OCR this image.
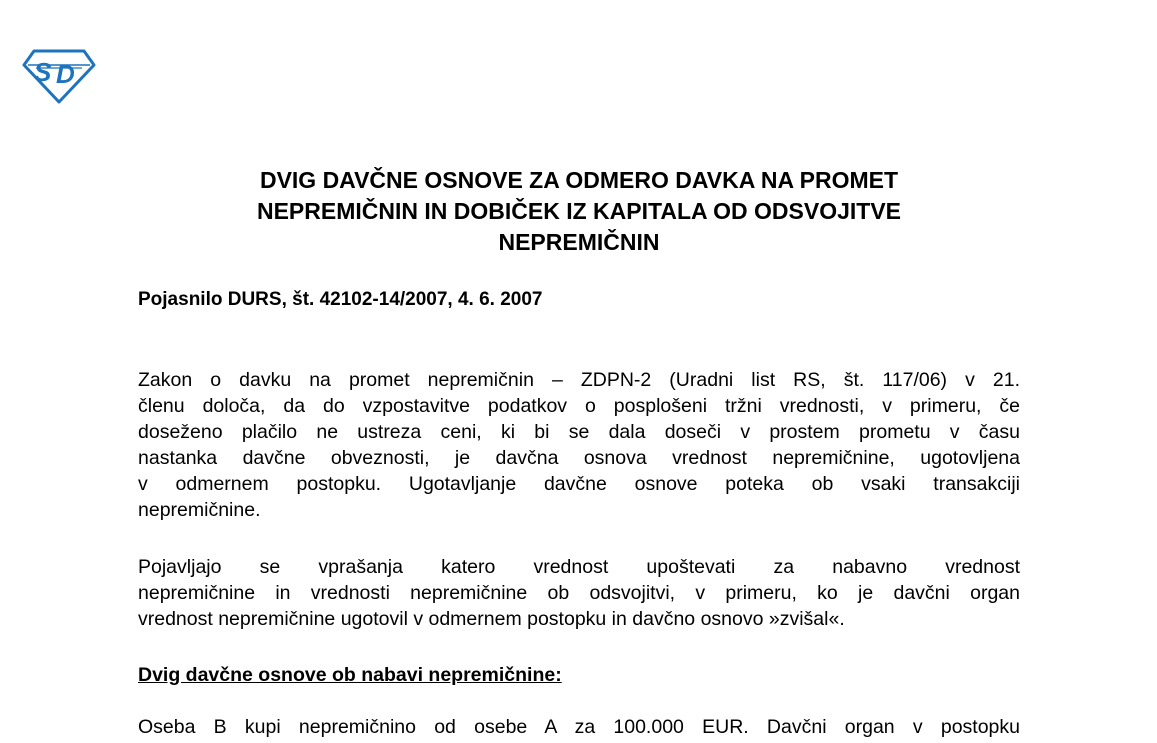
S D
DVIG DAVČNE OSNOVE ZA ODMERO DAVKA NA PROMET
NEPREMIČNIN IN DOBIČEK IZ KAPITALA OD ODSVOJITVE
NEPREMIČNIN

Pojasnilo DURS, št. 42102-14/2007, 4. 6. 2007

Zakon o davku na promet nepremičnin – ZDPN-2 (Uradni list RS, št. 117/06) v 21.
členu določa, da do vzpostavitve podatkov o posplošeni tržni vrednosti, v primeru, če
doseženo plačilo ne ustreza ceni, ki bi se dala doseči v prostem prometu v času
nastanka davčne obveznosti, je davčna osnova vrednost nepremičnine, ugotovljena
v odmernem postopku. Ugotavljanje davčne osnove poteka ob vsaki transakciji
nepremičnine.
Pojavljajo se vprašanja katero vrednost upoštevati za nabavno vrednost
nepremičnine in vrednosti nepremičnine ob odsvojitvi, v primeru, ko je davčni organ
vrednost nepremičnine ugotovil v odmernem postopku in davčno osnovo »zvišal«.
Dvig davčne osnove ob nabavi nepremičnine:
Oseba B kupi nepremičnino od osebe A za 100.000 EUR. Davčni organ v postopku
